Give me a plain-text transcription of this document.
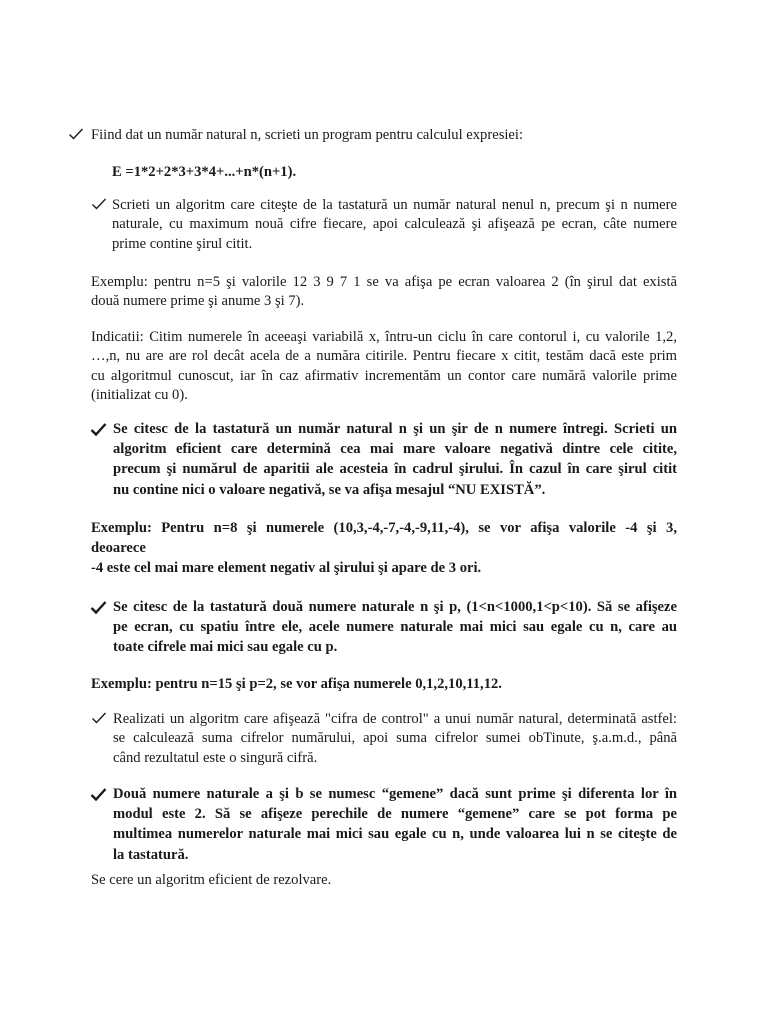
Fiind dat un număr natural n, scrieti un program pentru calculul expresiei:
E =1*2+2*3+3*4+...+n*(n+1).
Scrieti un algoritm care citeşte de la tastatură un număr natural nenul n, precum şi n numere
naturale, cu maximum nouă cifre fiecare, apoi calculează şi afişează pe ecran, câte numere
prime contine şirul citit.
Exemplu: pentru n=5 şi valorile 12 3 9 7 1 se va afişa pe ecran valoarea 2 (în şirul dat există
două numere prime şi anume 3 şi 7).
Indicatii: Citim numerele în aceeaşi variabilă x, întru-un ciclu în care contorul i, cu valorile 1,2,
…,n, nu are are rol decât acela de a număra citirile. Pentru fiecare x citit, testăm dacă este prim
cu algoritmul cunoscut, iar în caz afirmativ incrementăm un contor care numără valorile prime
(initializat cu 0).
Se citesc de la tastatură un număr natural n şi un şir de n numere întregi. Scrieti un
algoritm eficient care determină cea mai mare valoare negativă dintre cele citite,
precum şi numărul de aparitii ale acesteia în cadrul şirului. În cazul în care şirul citit
nu contine nici o valoare negativă, se va afişa mesajul “NU EXISTĂ”.
Exemplu: Pentru n=8 şi numerele (10,3,-4,-7,-4,-9,11,-4), se vor afişa valorile -4 şi 3,
deoarece
-4 este cel mai mare element negativ al şirului şi apare de 3 ori.
Se citesc de la tastatură două numere naturale n şi p, (1<n<1000,1<p<10). Să se afişeze
pe ecran, cu spatiu între ele, acele numere naturale mai mici sau egale cu n, care au
toate cifrele mai mici sau egale cu p.
Exemplu: pentru n=15 şi p=2, se vor afişa numerele 0,1,2,10,11,12.
Realizati un algoritm care afişează "cifra de control" a unui număr natural, determinată astfel:
se calculează suma cifrelor numărului, apoi suma cifrelor sumei obTinute, ş.a.m.d., până
când rezultatul este o singură cifră.
Două numere naturale a şi b se numesc “gemene” dacă sunt prime şi diferenta lor în
modul este 2. Să se afişeze perechile de numere “gemene” care se pot forma pe
multimea numerelor naturale mai mici sau egale cu n, unde valoarea lui n se citeşte de
la tastatură.
Se cere un algoritm eficient de rezolvare.
